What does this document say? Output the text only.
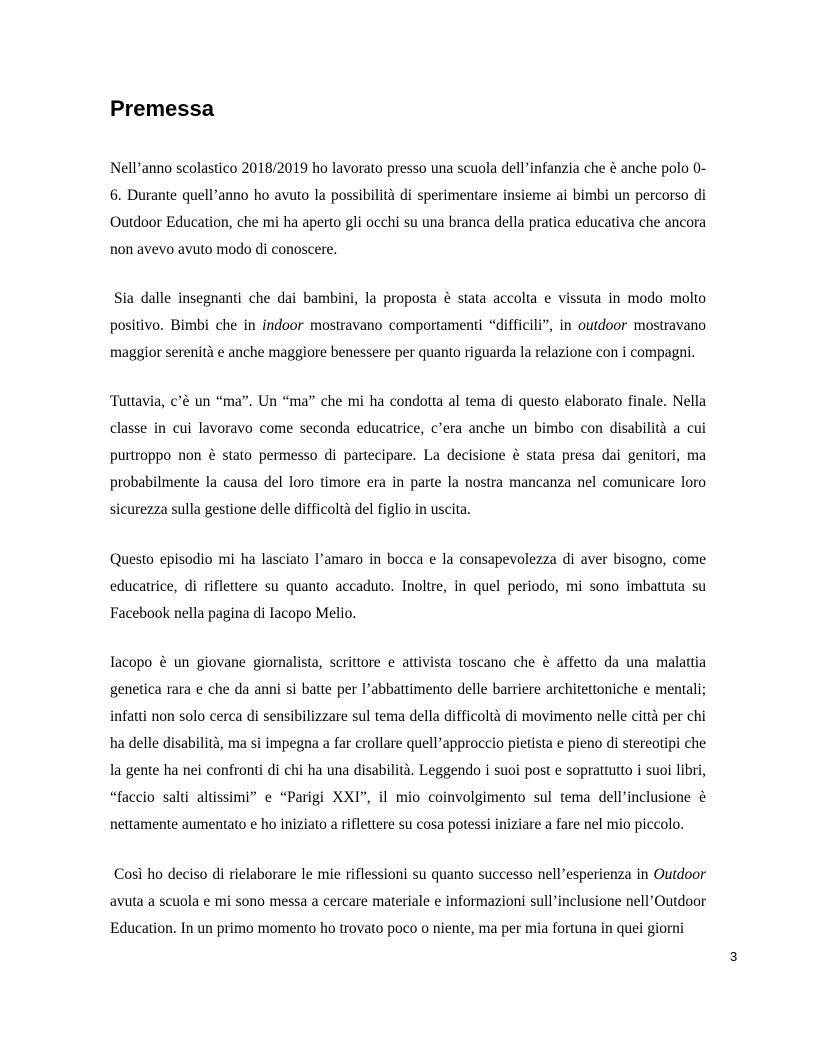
Premessa

Nell’anno scolastico 2018/2019 ho lavorato presso una scuola dell’infanzia che è anche polo 0-6. Durante quell’anno ho avuto la possibilità di sperimentare insieme ai bimbi un percorso di Outdoor Education, che mi ha aperto gli occhi su una branca della pratica educativa che ancora non avevo avuto modo di conoscere.

Sia dalle insegnanti che dai bambini, la proposta è stata accolta e vissuta in modo molto positivo. Bimbi che in indoor mostravano comportamenti “difficili”, in outdoor mostravano maggior serenità e anche maggiore benessere per quanto riguarda la relazione con i compagni.

Tuttavia, c’è un “ma”. Un “ma” che mi ha condotta al tema di questo elaborato finale. Nella classe in cui lavoravo come seconda educatrice, c’era anche un bimbo con disabilità a cui purtroppo non è stato permesso di partecipare. La decisione è stata presa dai genitori, ma probabilmente la causa del loro timore era in parte la nostra mancanza nel comunicare loro sicurezza sulla gestione delle difficoltà del figlio in uscita.

Questo episodio mi ha lasciato l’amaro in bocca e la consapevolezza di aver bisogno, come educatrice, di riflettere su quanto accaduto. Inoltre, in quel periodo, mi sono imbattuta su Facebook nella pagina di Iacopo Melio.

Iacopo è un giovane giornalista, scrittore e attivista toscano che è affetto da una malattia genetica rara e che da anni si batte per l’abbattimento delle barriere architettoniche e mentali; infatti non solo cerca di sensibilizzare sul tema della difficoltà di movimento nelle città per chi ha delle disabilità, ma si impegna a far crollare quell’approccio pietista e pieno di stereotipi che la gente ha nei confronti di chi ha una disabilità. Leggendo i suoi post e soprattutto i suoi libri, “faccio salti altissimi” e “Parigi XXI”, il mio coinvolgimento sul tema dell’inclusione è nettamente aumentato e ho iniziato a riflettere su cosa potessi iniziare a fare nel mio piccolo.

Così ho deciso di rielaborare le mie riflessioni su quanto successo nell’esperienza in Outdoor avuta a scuola e mi sono messa a cercare materiale e informazioni sull’inclusione nell’Outdoor Education. In un primo momento ho trovato poco o niente, ma per mia fortuna in quei giorni

3
